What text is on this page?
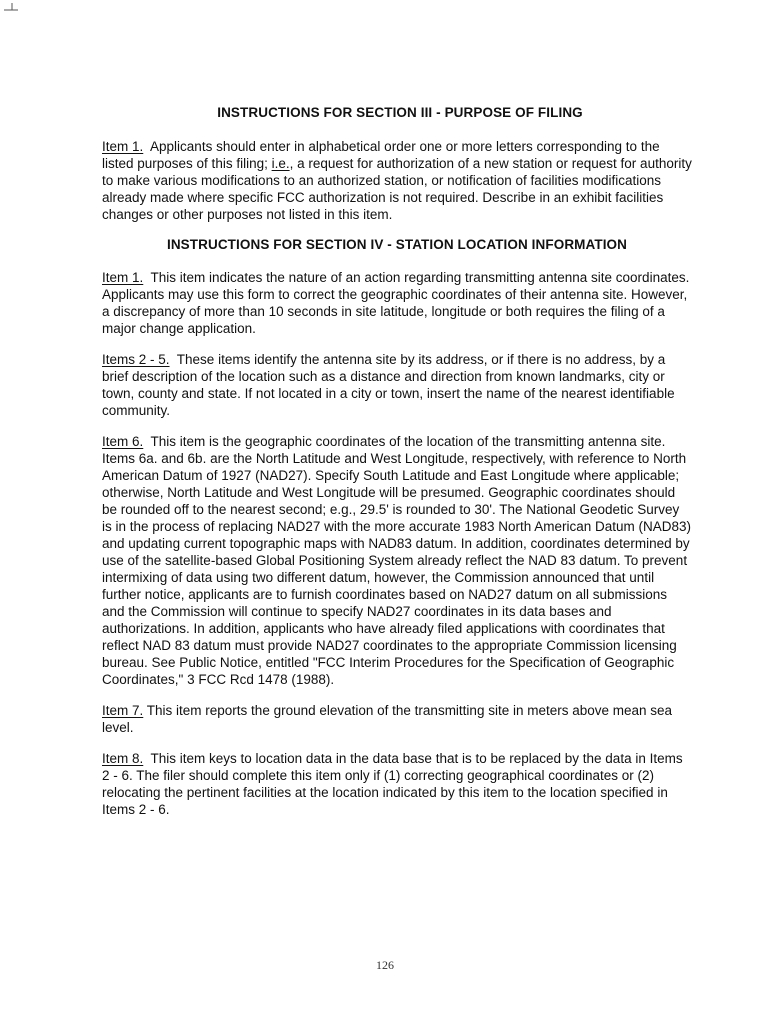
INSTRUCTIONS FOR SECTION III - PURPOSE OF FILING

Item 1. Applicants should enter in alphabetical order one or more letters corresponding to the listed purposes of this filing; i.e., a request for authorization of a new station or request for authority to make various modifications to an authorized station, or notification of facilities modifications already made where specific FCC authorization is not required. Describe in an exhibit facilities changes or other purposes not listed in this item.

INSTRUCTIONS FOR SECTION IV - STATION LOCATION INFORMATION

Item 1. This item indicates the nature of an action regarding transmitting antenna site coordinates. Applicants may use this form to correct the geographic coordinates of their antenna site. However, a discrepancy of more than 10 seconds in site latitude, longitude or both requires the filing of a major change application.

Items 2 - 5. These items identify the antenna site by its address, or if there is no address, by a brief description of the location such as a distance and direction from known landmarks, city or town, county and state. If not located in a city or town, insert the name of the nearest identifiable community.

Item 6. This item is the geographic coordinates of the location of the transmitting antenna site. Items 6a. and 6b. are the North Latitude and West Longitude, respectively, with reference to North American Datum of 1927 (NAD27). Specify South Latitude and East Longitude where applicable; otherwise, North Latitude and West Longitude will be presumed. Geographic coordinates should be rounded off to the nearest second; e.g., 29.5' is rounded to 30'. The National Geodetic Survey is in the process of replacing NAD27 with the more accurate 1983 North American Datum (NAD83) and updating current topographic maps with NAD83 datum. In addition, coordinates determined by use of the satellite-based Global Positioning System already reflect the NAD 83 datum. To prevent intermixing of data using two different datum, however, the Commission announced that until further notice, applicants are to furnish coordinates based on NAD27 datum on all submissions and the Commission will continue to specify NAD27 coordinates in its data bases and authorizations. In addition, applicants who have already filed applications with coordinates that reflect NAD 83 datum must provide NAD27 coordinates to the appropriate Commission licensing bureau. See Public Notice, entitled "FCC Interim Procedures for the Specification of Geographic Coordinates," 3 FCC Rcd 1478 (1988).

Item 7. This item reports the ground elevation of the transmitting site in meters above mean sea level.

Item 8. This item keys to location data in the data base that is to be replaced by the data in Items 2 - 6. The filer should complete this item only if (1) correcting geographical coordinates or (2) relocating the pertinent facilities at the location indicated by this item to the location specified in Items 2 - 6.

126
